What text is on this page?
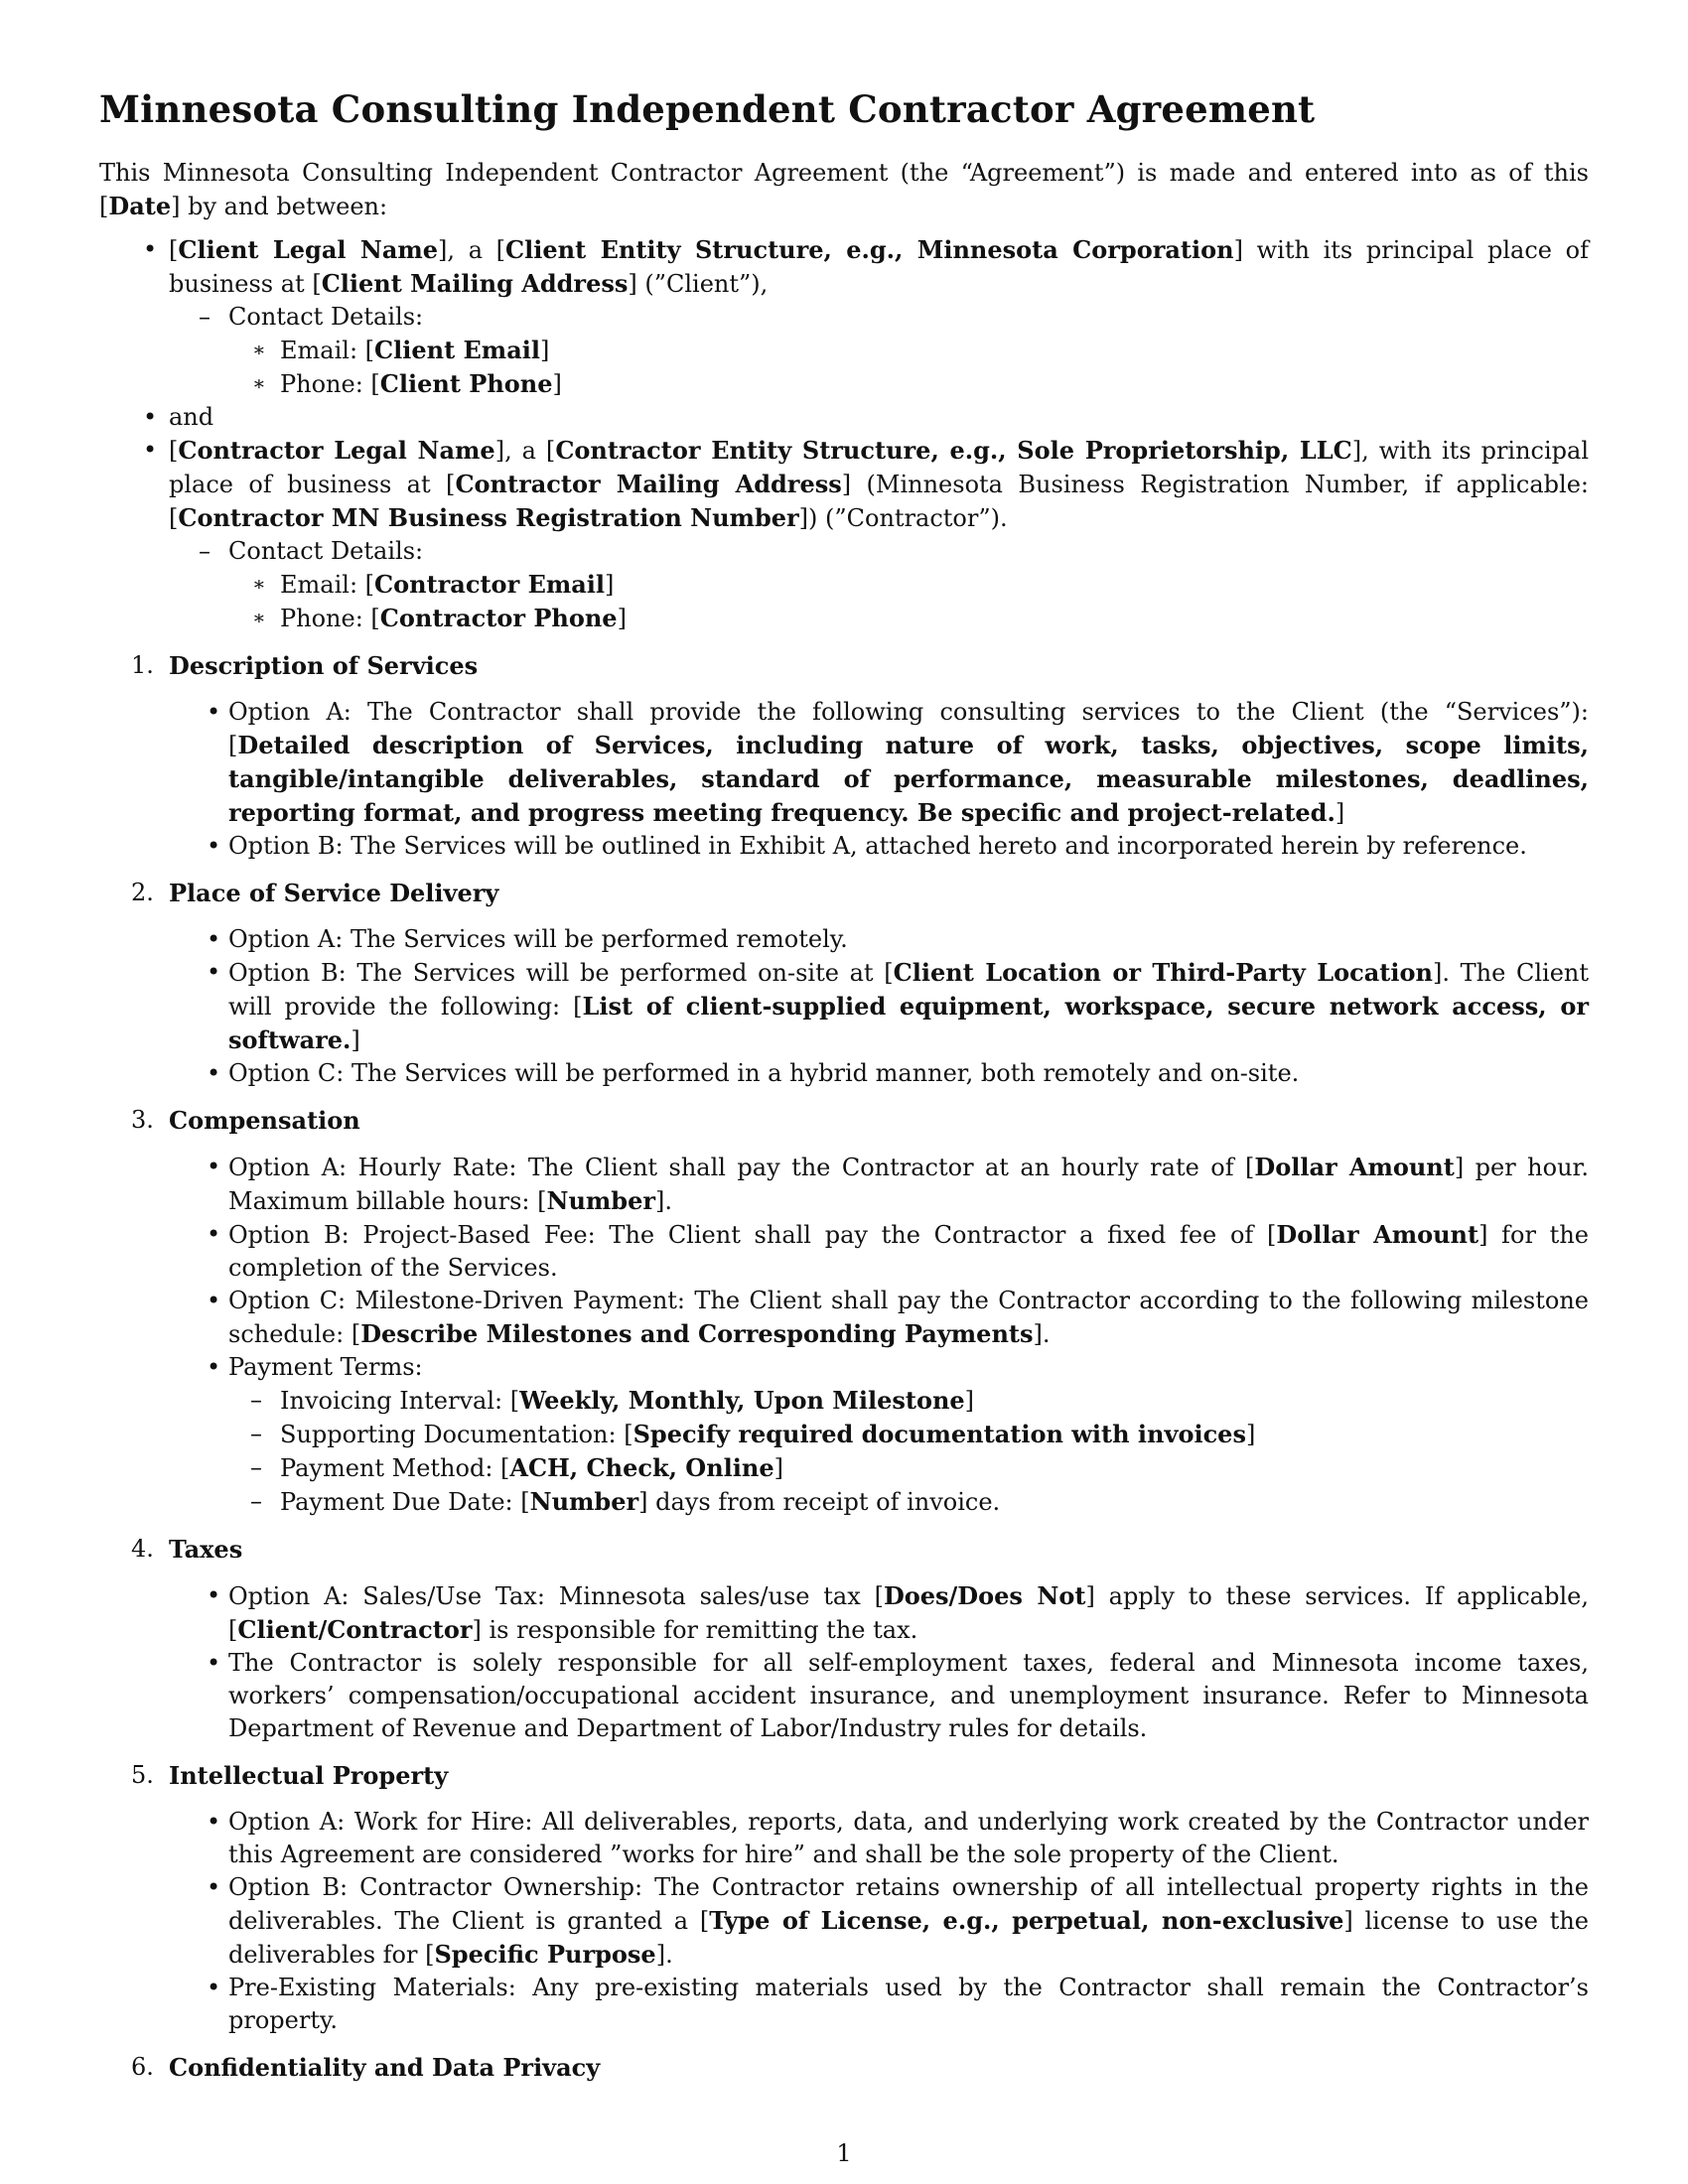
Minnesota Consulting Independent Contractor Agreement

This Minnesota Consulting Independent Contractor Agreement (the “Agreement”) is made and entered into as of this [Date] by and between:

• [Client Legal Name], a [Client Entity Structure, e.g., Minnesota Corporation] with its principal place of business at [Client Mailing Address] (”Client”),
– Contact Details:
∗ Email: [Client Email]
∗ Phone: [Client Phone]
• and
• [Contractor Legal Name], a [Contractor Entity Structure, e.g., Sole Proprietorship, LLC], with its principal place of business at [Contractor Mailing Address] (Minnesota Business Registration Number, if applicable: [Contractor MN Business Registration Number]) (”Contractor”).
– Contact Details:
∗ Email: [Contractor Email]
∗ Phone: [Contractor Phone]
1. Description of Services
• Option A: The Contractor shall provide the following consulting services to the Client (the “Services”): [Detailed description of Services, including nature of work, tasks, objectives, scope limits, tangible/intangible deliverables, standard of performance, measurable milestones, deadlines, reporting format, and progress meeting frequency. Be specific and project-related.]
• Option B: The Services will be outlined in Exhibit A, attached hereto and incorporated herein by reference.
2. Place of Service Delivery
• Option A: The Services will be performed remotely.
• Option B: The Services will be performed on-site at [Client Location or Third-Party Location]. The Client will provide the following: [List of client-supplied equipment, workspace, secure network access, or software.]
• Option C: The Services will be performed in a hybrid manner, both remotely and on-site.
3. Compensation
• Option A: Hourly Rate: The Client shall pay the Contractor at an hourly rate of [Dollar Amount] per hour. Maximum billable hours: [Number].
• Option B: Project-Based Fee: The Client shall pay the Contractor a fixed fee of [Dollar Amount] for the completion of the Services.
• Option C: Milestone-Driven Payment: The Client shall pay the Contractor according to the following milestone schedule: [Describe Milestones and Corresponding Payments].
• Payment Terms:
– Invoicing Interval: [Weekly, Monthly, Upon Milestone]
– Supporting Documentation: [Specify required documentation with invoices]
– Payment Method: [ACH, Check, Online]
– Payment Due Date: [Number] days from receipt of invoice.
4. Taxes
• Option A: Sales/Use Tax: Minnesota sales/use tax [Does/Does Not] apply to these services. If applicable, [Client/Contractor] is responsible for remitting the tax.
• The Contractor is solely responsible for all self-employment taxes, federal and Minnesota income taxes, workers’ compensation/occupational accident insurance, and unemployment insurance. Refer to Minnesota Department of Revenue and Department of Labor/Industry rules for details.
5. Intellectual Property
• Option A: Work for Hire: All deliverables, reports, data, and underlying work created by the Contractor under this Agreement are considered ”works for hire” and shall be the sole property of the Client.
• Option B: Contractor Ownership: The Contractor retains ownership of all intellectual property rights in the deliverables. The Client is granted a [Type of License, e.g., perpetual, non-exclusive] license to use the deliverables for [Specific Purpose].
• Pre-Existing Materials: Any pre-existing materials used by the Contractor shall remain the Contractor’s property.
6. Confidentiality and Data Privacy
1
